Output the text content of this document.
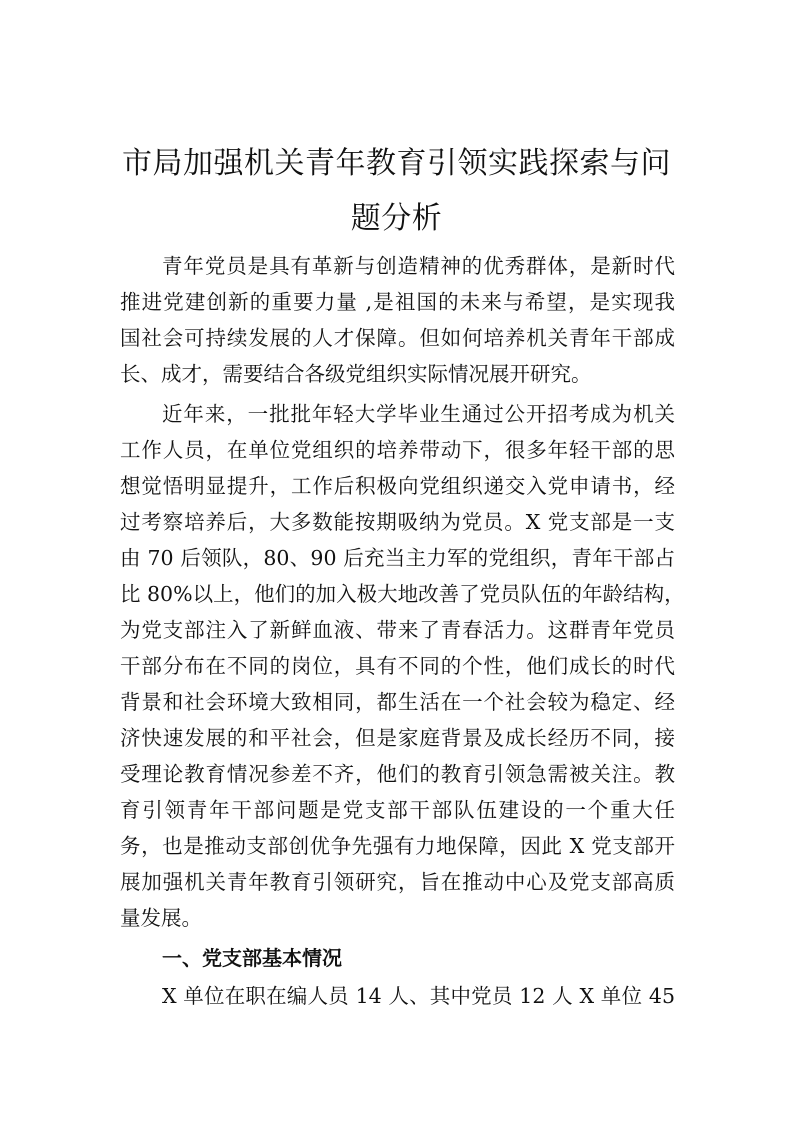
市局加强机关青年教育引领实践探索与问
题分析
青年党员是具有革新与创造精神的优秀群体，是新时代
推进党建创新的重要力量 ,是祖国的未来与希望，是实现我
国社会可持续发展的人才保障。但如何培养机关青年干部成
长、成才，需要结合各级党组织实际情况展开研究。
近年来，一批批年轻大学毕业生通过公开招考成为机关
工作人员，在单位党组织的培养带动下，很多年轻干部的思
想觉悟明显提升，工作后积极向党组织递交入党申请书，经
过考察培养后，大多数能按期吸纳为党员。X 党支部是一支
由 70 后领队，80、90 后充当主力军的党组织，青年干部占
比 80%以上，他们的加入极大地改善了党员队伍的年龄结构，
为党支部注入了新鲜血液、带来了青春活力。这群青年党员
干部分布在不同的岗位，具有不同的个性，他们成长的时代
背景和社会环境大致相同，都生活在一个社会较为稳定、经
济快速发展的和平社会，但是家庭背景及成长经历不同，接
受理论教育情况参差不齐，他们的教育引领急需被关注。教
育引领青年干部问题是党支部干部队伍建设的一个重大任
务，也是推动支部创优争先强有力地保障，因此 X 党支部开
展加强机关青年教育引领研究，旨在推动中心及党支部高质
量发展。
一、党支部基本情况
X 单位在职在编人员 14 人、其中党员 12 人 X 单位 45
